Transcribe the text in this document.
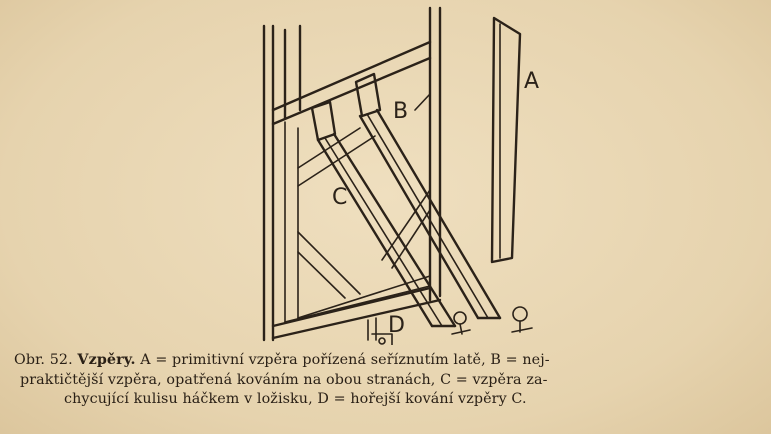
A
B
C
D
Obr. 52. Vzpěry. A = primitivní vzpěra pořízená seříznutím latě, B = nej-
praktičtější vzpěra, opatřená kováním na obou stranách, C = vzpěra za-
chycující kulisu háčkem v ložisku, D = hořejší kování vzpěry C.
